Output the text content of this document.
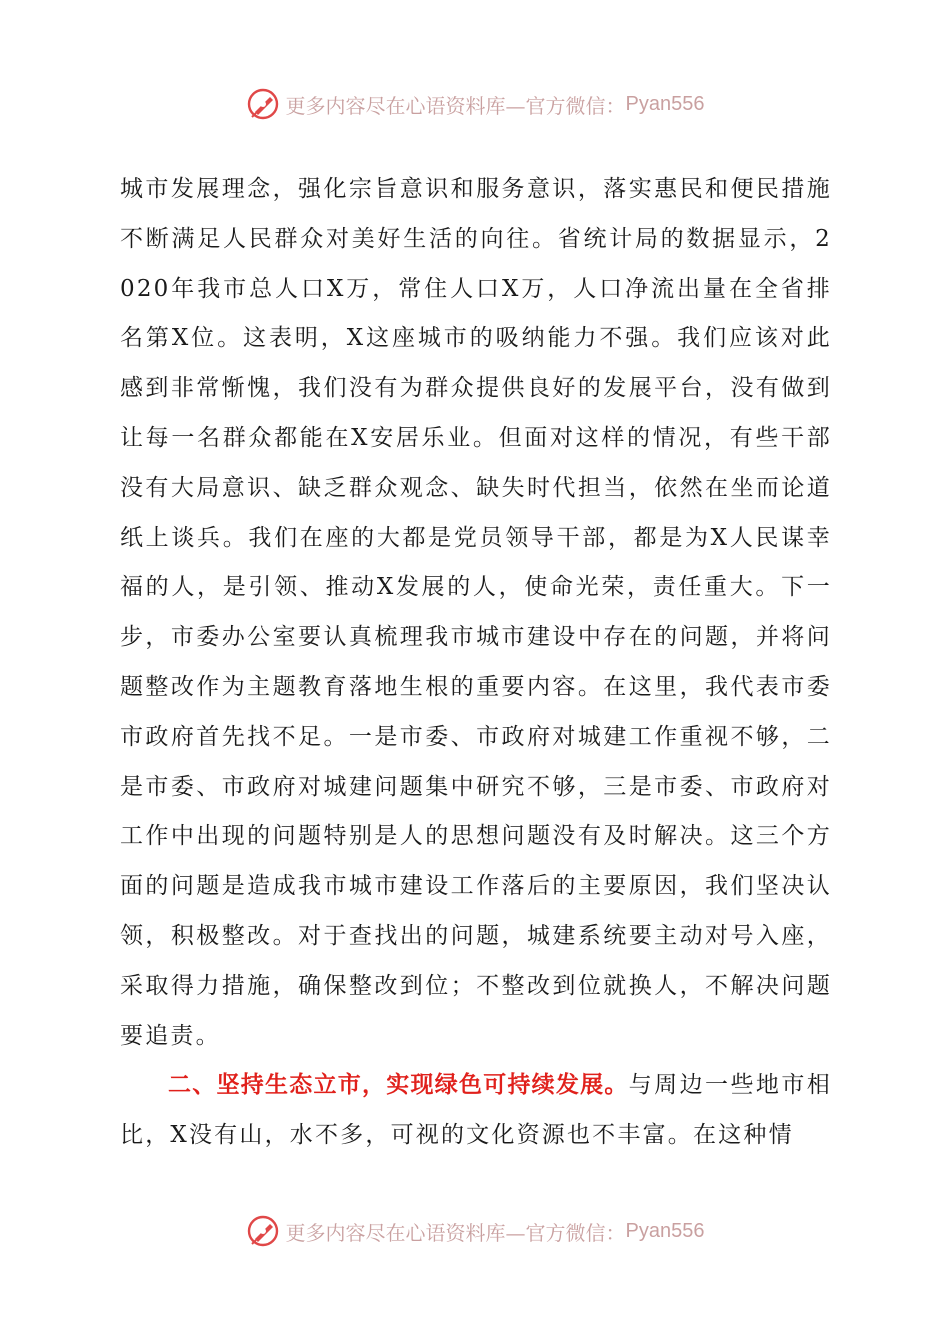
更多内容尽在心语资料库—官方微信： Pyan556

城市发展理念，强化宗旨意识和服务意识，落实惠民和便民措施不断满足人民群众对美好生活的向往。省统计局的数据显示，2020年我市总人口X万，常住人口X万，人口净流出量在全省排名第X位。这表明，X这座城市的吸纳能力不强。我们应该对此感到非常惭愧，我们没有为群众提供良好的发展平台，没有做到让每一名群众都能在X安居乐业。但面对这样的情况，有些干部没有大局意识、缺乏群众观念、缺失时代担当，依然在坐而论道纸上谈兵。我们在座的大都是党员领导干部，都是为X人民谋幸福的人，是引领、推动X发展的人，使命光荣，责任重大。下一步，市委办公室要认真梳理我市城市建设中存在的问题，并将问题整改作为主题教育落地生根的重要内容。在这里，我代表市委市政府首先找不足。一是市委、市政府对城建工作重视不够，二是市委、市政府对城建问题集中研究不够，三是市委、市政府对工作中出现的问题特别是人的思想问题没有及时解决。这三个方面的问题是造成我市城市建设工作落后的主要原因，我们坚决认领，积极整改。对于查找出的问题，城建系统要主动对号入座，采取得力措施，确保整改到位；不整改到位就换人，不解决问题要追责。

二、坚持生态立市，实现绿色可持续发展。与周边一些地市相比，X没有山，水不多，可视的文化资源也不丰富。在这种情

更多内容尽在心语资料库—官方微信： Pyan556
